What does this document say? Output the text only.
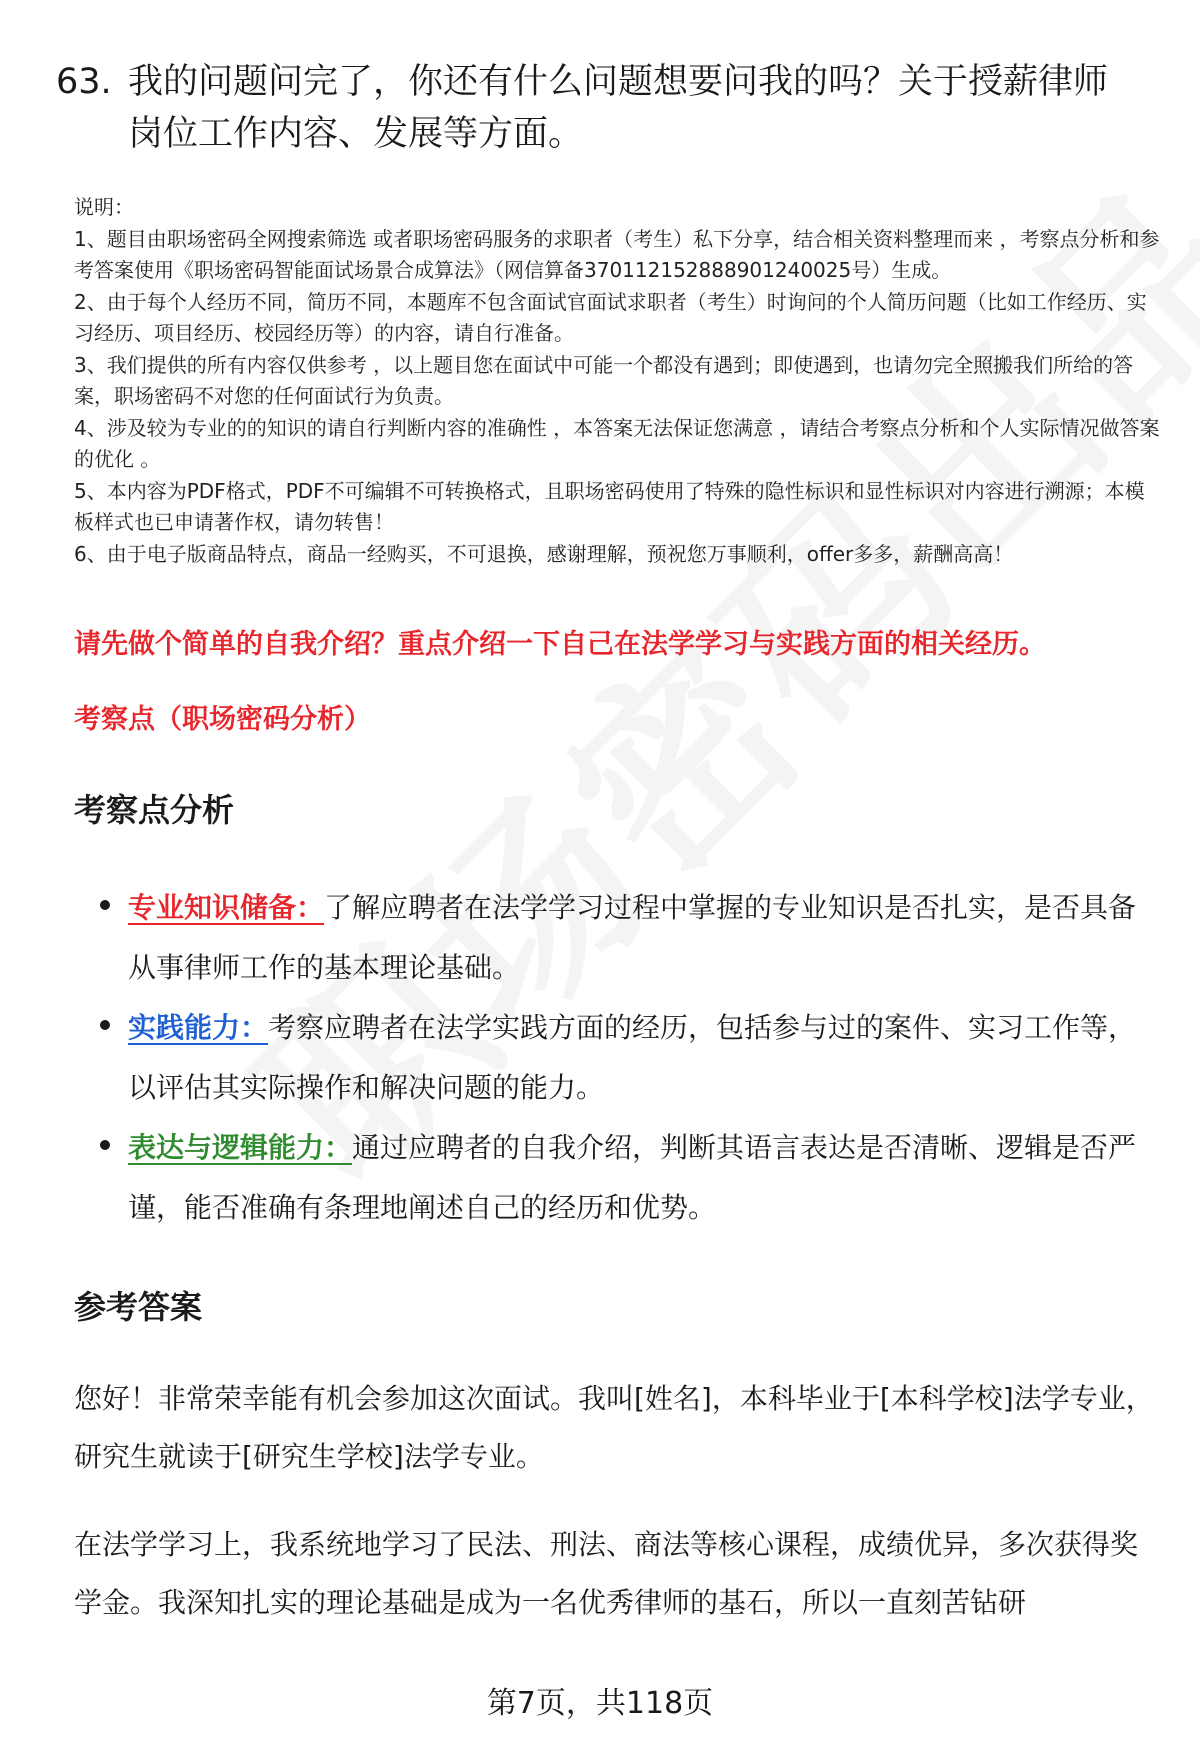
63. 我的问题问完了，你还有什么问题想要问我的吗？关于授薪律师
岗位工作内容、发展等方面。
说明：
1、题目由职场密码全网搜索筛选 或者职场密码服务的求职者（考生）私下分享，结合相关资料整理而来 ，考察点分析和参考答案使用《职场密码智能面试场景合成算法》（网信算备370112152888901240025号）生成。
2、由于每个人经历不同，简历不同，本题库不包含面试官面试求职者（考生）时询问的个人简历问题（比如工作经历、实习经历、项目经历、校园经历等）的内容，请自行准备。
3、我们提供的所有内容仅供参考 ，以上题目您在面试中可能一个都没有遇到；即使遇到，也请勿完全照搬我们所给的答案，职场密码不对您的任何面试行为负责。
4、涉及较为专业的的知识的请自行判断内容的准确性 ，本答案无法保证您满意 ，请结合考察点分析和个人实际情况做答案的优化 。
5、本内容为PDF格式，PDF不可编辑不可转换格式，且职场密码使用了特殊的隐性标识和显性标识对内容进行溯源；本模板样式也已申请著作权，请勿转售！
6、由于电子版商品特点，商品一经购买，不可退换，感谢理解，预祝您万事顺利，offer多多，薪酬高高！
请先做个简单的自我介绍？重点介绍一下自己在法学学习与实践方面的相关经历。
考察点（职场密码分析）
考察点分析
专业知识储备：了解应聘者在法学学习过程中掌握的专业知识是否扎实，是否具备从事律师工作的基本理论基础。
实践能力：考察应聘者在法学实践方面的经历，包括参与过的案件、实习工作等，以评估其实际操作和解决问题的能力。
表达与逻辑能力：通过应聘者的自我介绍，判断其语言表达是否清晰、逻辑是否严谨，能否准确有条理地阐述自己的经历和优势。
参考答案
您好！非常荣幸能有机会参加这次面试。我叫[姓名]，本科毕业于[本科学校]法学专业，研究生就读于[研究生学校]法学专业。
在法学学习上，我系统地学习了民法、刑法、商法等核心课程，成绩优异，多次获得奖学金。我深知扎实的理论基础是成为一名优秀律师的基石，所以一直刻苦钻研
第7页，共118页
